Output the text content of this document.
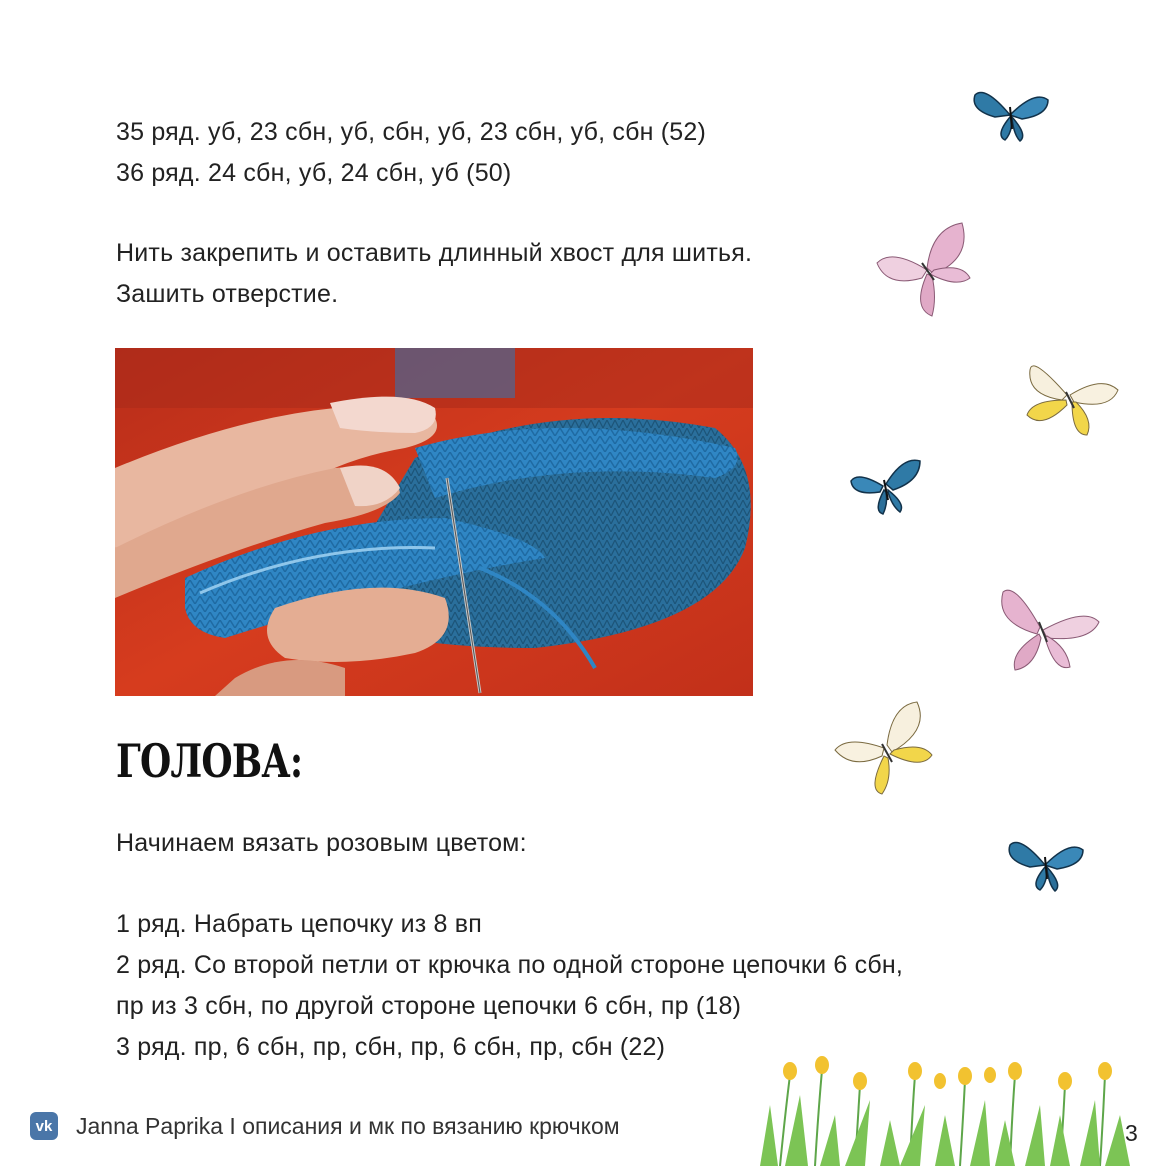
35 ряд. уб, 23 сбн, уб, сбн, уб, 23 сбн, уб, сбн (52)
36 ряд. 24 сбн, уб, 24 сбн, уб (50)
Нить закрепить и оставить длинный хвост для шитья.
Зашить отверстие.
ГОЛОВА:
Начинаем вязать розовым цветом:
1 ряд. Набрать цепочку из 8 вп
2 ряд. Со второй петли от крючка по одной стороне цепочки 6 сбн,
пр из 3 сбн, по другой стороне цепочки 6 сбн, пр (18)
3 ряд. пр, 6 сбн, пр, сбн, пр, 6 сбн, пр, сбн (22)
vk Janna Paprika I описания и мк по вязанию крючком	3
